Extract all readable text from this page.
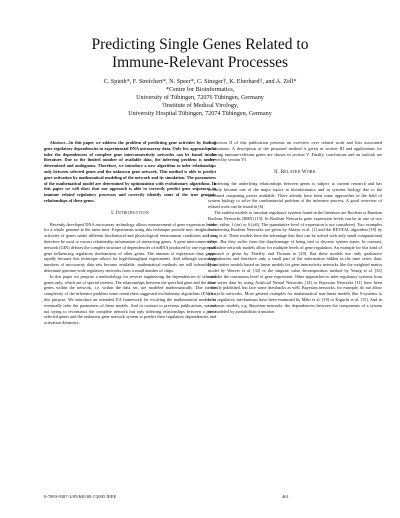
Predicting Single Genes Related to
Immune-Relevant Processes
C. Spieth*, F. Streichert*, N. Speer*, C. Sinzger†, K. Eberhard†, and A. Zell*
*Centre for Bioinformatics,
University of Tübingen, 72076 Tübingen, Germany
†Institute of Medical Virology,
University Hospital Tübingen, 72074 Tübingen, Germany

Abstract—In this paper we address the problem of predicting gene activities by finding gene regulatory dependencies in experimental DNA microarray data. Only few approaches to infer the dependencies of complete gene interconnectivity networks can be found in the literature. Due to the limited number of available data, the inferring problem is under-determined and ambiguous. Therefore, we introduce a new algorithm to infer relationships only between selected genes and the unknown gene network. This method is able to predict gene activation by mathematical modeling of the network and its simulation. The parameters of the mathematical model are determined by optimization with evolutionary algorithms. In this paper we will show that our approach is able to correctly predict gene sequences in immune related regulatory processes and correctly identify some of the true genomic relationships of these genes.

I. Introduction

Recently developed DNA microarray technology allows measurement of gene expression levels for a whole genome at the same time. Experiments using this technique provide new insights into activities of genes under different biochemical and physiological environment conditions and can therefore be used to extract relationship information of interacting genes. A gene interconnectivity network (GIN) defines the complex structure of dependencies of mRNA produced by one expressed gene influencing regulatory mechanisms of other genes. The amount of expression data grows rapidly because this technique allows for high-throughput experiments. And although increasing numbers of microarray data sets become available, mathematical methods are still infeasible to determine genome-wide regulatory networks from a small number of chips.

In this paper we propose a methodology for reverse engineering the dependencies of selected genes only, which are of special interest. The relationships between the specified gene and the other genes within the network, i.e. within the data set, are modeled mathematically. Due to the complexity of the inference problem some researchers suggested evolutionary algorithms (EA) for this purpose. We introduce an extended EA framework for evolving the mathematical models to eventually infer the parameters of these models. And in contrast to previous publications, we are not trying to reconstruct the complete network but only inferring relationships between a priori selected genes and the unknown gene network system to predict their regulatory dependencies and activation dynamics.

Section II of this publication presents an overview over related work and lists associated publications. A description of the proposed method is given in section III and applications for inferring immune-relevant genes are shown in section V. Finally, conclusions and an outlook are covered by section VI.

II. Related Work

Inferring the underlying relationships between genes is subject to current research and has recently become one of the major topics in bioinformatics and in systems biology due to the increased computing power available. There already have been some approaches in the field of system biology to solve the combinatorial problem of the inference process. A good overview of related work can be found in [6].

The earliest models to simulate regulatory systems found in the literature are Boolean or Random Boolean Networks (RBN) [13]. In Boolean Networks gene expression levels can be in one of two states: either 1 (on) or 0 (off). The quantitative level of expression is not considered. Two examples for inferring Boolean Networks are given by Akutsu et al. [1] and the REVEAL algorithm [18] by Liang et al. These models have the advantage that they can be solved with only small computational effort. But they suffer from the disadvantage of being tied to discrete system states. In contrast, qualitative network models allow for multiple levels of gene regulation. An example for this kind of approach is given by Thieffry and Thomas in [29]. But these models use only qualitative dependencies and therefore only a small part of the information hidden in the time series data. Quantitative models based on linear models for gene interactivity networks like the weighted matrix model by Weaver et al. [32] or the singular value decomposition method by Yeung et al. [33] consider the continuous level of gene expression. Other approaches to infer regulatory systems from time series data by using Artificial Neural Networks [14] or Bayesian Networks [11] have been recently published, but face some drawbacks as well. Bayesian networks, for example, do not allow for cyclic networks. More general examples for mathematical non-linear models like S-systems to infer regulatory mechanisms have been examined by Maki et al. [19] or Kiguchi et al. [15]. And in stochastic models, e.g. Bayesian networks, the dependencies between the components of a system are modeled by probabilistic transition

0-7803-9387-2/05/$20.00 ©2005 IEEE	461
